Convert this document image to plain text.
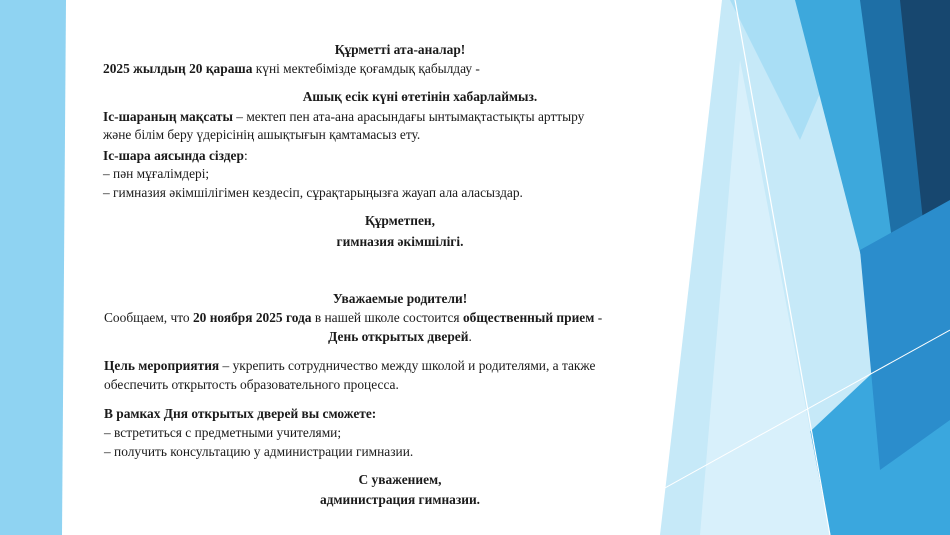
Құрметті ата-аналар!
2025 жылдың 20 қараша күні мектебімізде қоғамдық қабылдау -
Ашық есік күні өтетінін хабарлаймыз.
Іс-шараның мақсаты – мектеп пен ата-ана арасындағы ынтымақтастықты арттыру
және білім беру үдерісінің ашықтығын қамтамасыз ету.
Іс-шара аясында сіздер:
– пән мұғалімдері;
– гимназия әкімшілігімен кездесіп, сұрақтарыңызға жауап ала аласыздар.
Құрметпен,
гимназия әкімшілігі.
Уважаемые родители!
Сообщаем, что 20 ноября 2025 года в нашей школе состоится общественный прием -
День открытых дверей.
Цель мероприятия – укрепить сотрудничество между школой и родителями, а также
обеспечить открытость образовательного процесса.
В рамках Дня открытых дверей вы сможете:
– встретиться с предметными учителями;
– получить консультацию у администрации гимназии.
С уважением,
администрация гимназии.
